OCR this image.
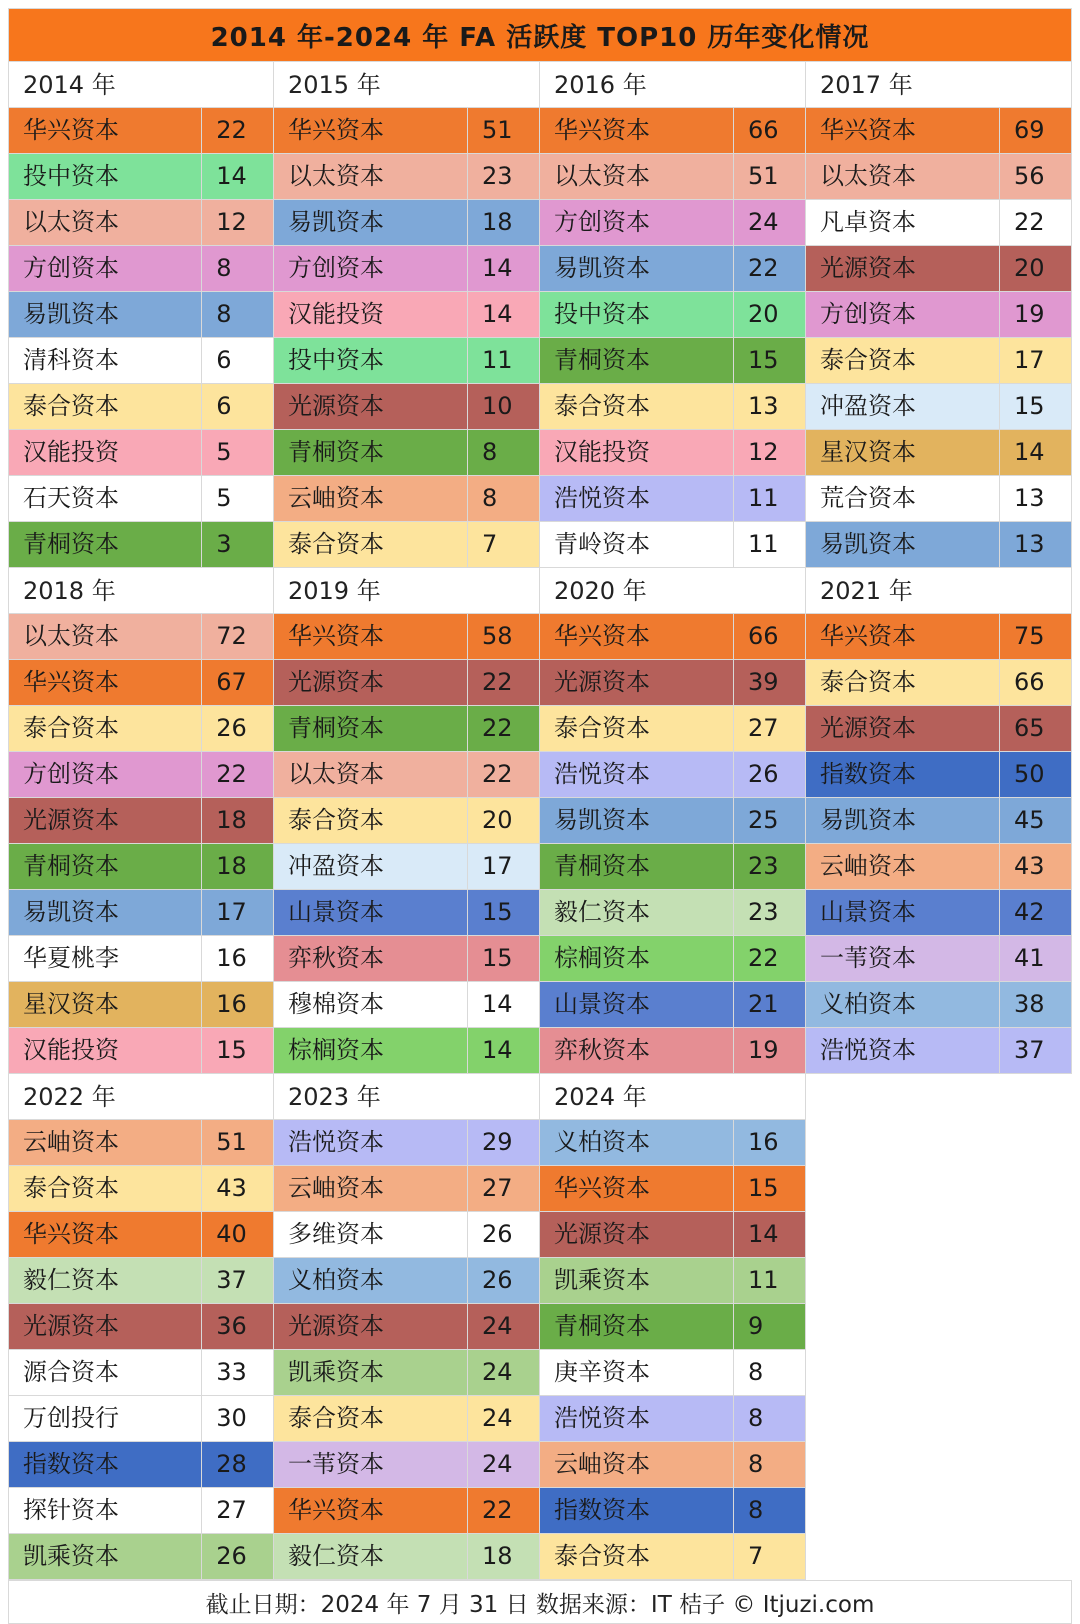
2014 年-2024 年 FA 活跃度 TOP10 历年变化情况
2014 年
华兴资本	22
投中资本	14
以太资本	12
方创资本	8
易凯资本	8
清科资本	6
泰合资本	6
汉能投资	5
石天资本	5
青桐资本	3
2015 年
华兴资本	51
以太资本	23
易凯资本	18
方创资本	14
汉能投资	14
投中资本	11
光源资本	10
青桐资本	8
云岫资本	8
泰合资本	7
2016 年
华兴资本	66
以太资本	51
方创资本	24
易凯资本	22
投中资本	20
青桐资本	15
泰合资本	13
汉能投资	12
浩悦资本	11
青岭资本	11
2017 年
华兴资本	69
以太资本	56
凡卓资本	22
光源资本	20
方创资本	19
泰合资本	17
冲盈资本	15
星汉资本	14
荒合资本	13
易凯资本	13
2018 年
以太资本	72
华兴资本	67
泰合资本	26
方创资本	22
光源资本	18
青桐资本	18
易凯资本	17
华夏桃李	16
星汉资本	16
汉能投资	15
2019 年
华兴资本	58
光源资本	22
青桐资本	22
以太资本	22
泰合资本	20
冲盈资本	17
山景资本	15
弈秋资本	15
穆棉资本	14
棕榈资本	14
2020 年
华兴资本	66
光源资本	39
泰合资本	27
浩悦资本	26
易凯资本	25
青桐资本	23
毅仁资本	23
棕榈资本	22
山景资本	21
弈秋资本	19
2021 年
华兴资本	75
泰合资本	66
光源资本	65
指数资本	50
易凯资本	45
云岫资本	43
山景资本	42
一苇资本	41
义柏资本	38
浩悦资本	37
2022 年
云岫资本	51
泰合资本	43
华兴资本	40
毅仁资本	37
光源资本	36
源合资本	33
万创投行	30
指数资本	28
探针资本	27
凯乘资本	26
2023 年
浩悦资本	29
云岫资本	27
多维资本	26
义柏资本	26
光源资本	24
凯乘资本	24
泰合资本	24
一苇资本	24
华兴资本	22
毅仁资本	18
2024 年
义柏资本	16
华兴资本	15
光源资本	14
凯乘资本	11
青桐资本	9
庚辛资本	8
浩悦资本	8
云岫资本	8
指数资本	8
泰合资本	7
截止日期：2024 年 7 月 31 日 数据来源：IT 桔子 © Itjuzi.com
